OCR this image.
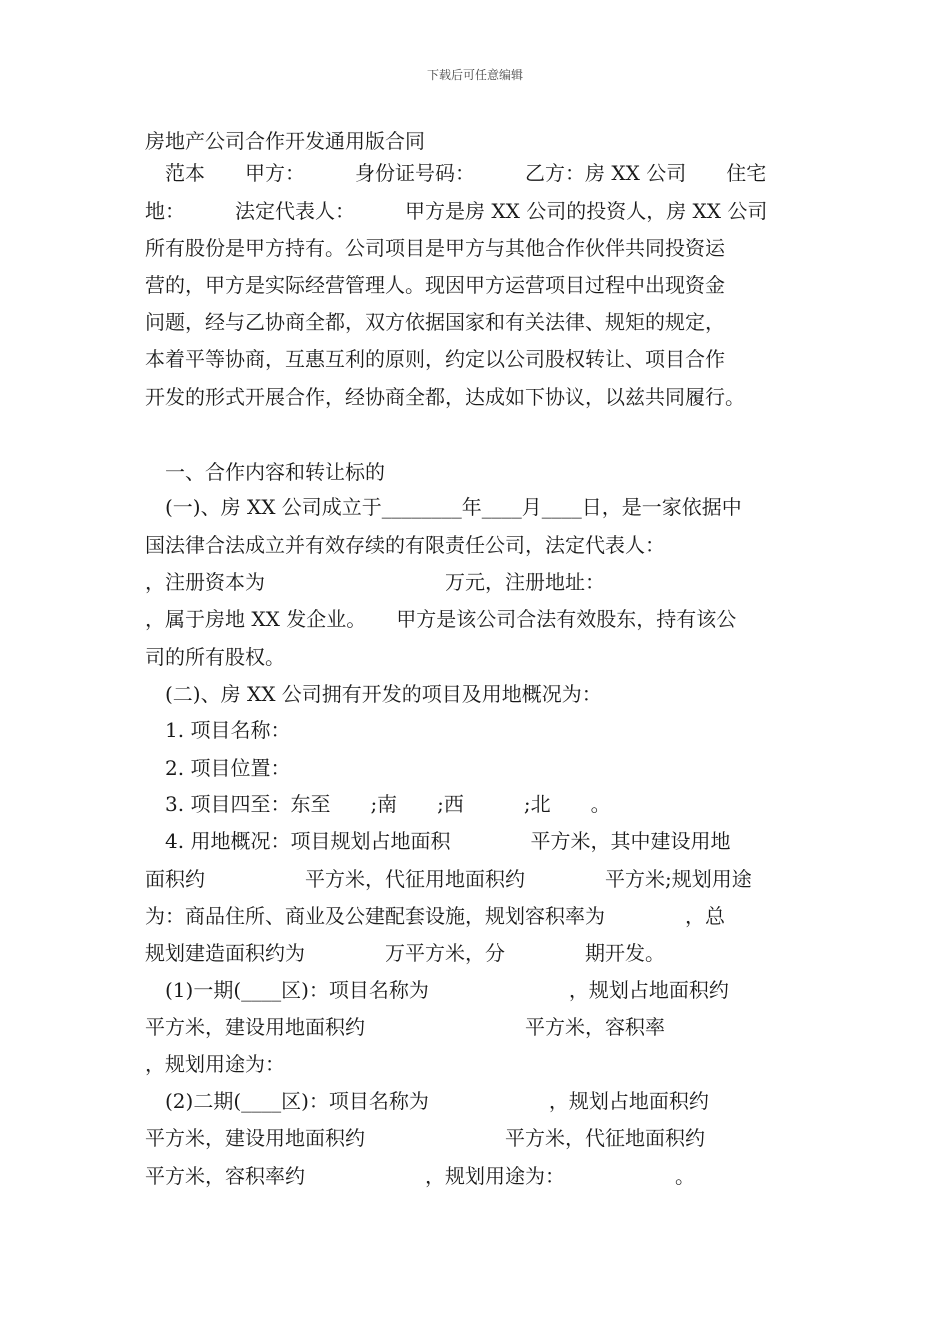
下载后可任意编辑
房地产公司合作开发通用版合同
　范本　　甲方：　　　身份证号码：　　　乙方：房 XX 公司　　住宅
地：　　　法定代表人：　　　甲方是房 XX 公司的投资人，房 XX 公司
所有股份是甲方持有。公司项目是甲方与其他合作伙伴共同投资运
营的，甲方是实际经营管理人。现因甲方运营项目过程中出现资金
问题，经与乙协商全都，双方依据国家和有关法律、规矩的规定，
本着平等协商，互惠互利的原则，约定以公司股权转让、项目合作
开发的形式开展合作，经协商全都，达成如下协议，以兹共同履行。
　一、合作内容和转让标的
　(一)、房 XX 公司成立于________年____月____日，是一家依据中
国法律合法成立并有效存续的有限责任公司，法定代表人：
，注册资本为　　　　　　　　　万元，注册地址：
，属于房地 XX 发企业。　　甲方是该公司合法有效股东，持有该公
司的所有股权。
　(二)、房 XX 公司拥有开发的项目及用地概况为：
　1. 项目名称：
　2. 项目位置：
　3. 项目四至：东至　　;南　　;西　　　;北　　。
　4. 用地概况：项目规划占地面积　　　　平方米，其中建设用地
面积约　　　　　平方米，代征用地面积约　　　　平方米;规划用途
为：商品住所、商业及公建配套设施，规划容积率为　　　　，总
规划建造面积约为　　　　万平方米，分　　　　期开发。
　(1)一期(____区)：项目名称为　　　　　　　，规划占地面积约
平方米，建设用地面积约　　　　　　　　平方米，容积率
，规划用途为：
　(2)二期(____区)：项目名称为　　　　　　，规划占地面积约
平方米，建设用地面积约　　　　　　　平方米，代征地面积约
平方米，容积率约　　　　　　，规划用途为：　　　　　　。
